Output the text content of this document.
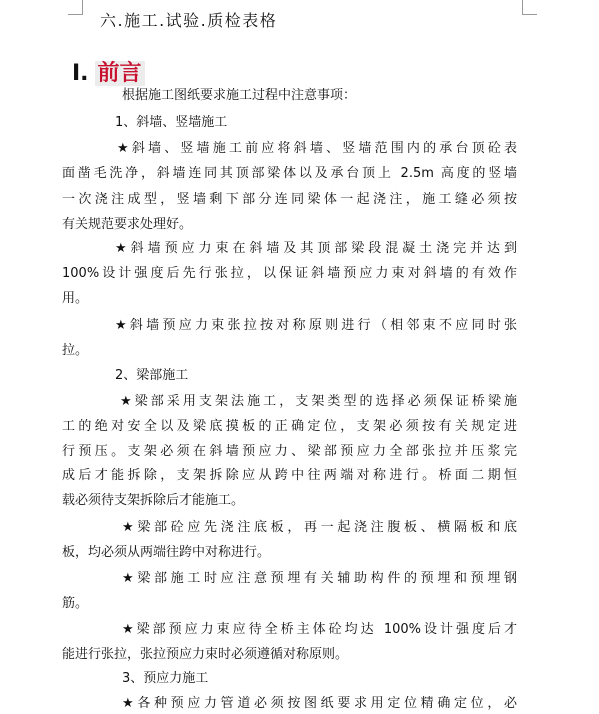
六.施工.试验.质检表格
Ⅰ. 前言
根据施工图纸要求施工过程中注意事项：
1、斜墙、竖墙施工
★斜墙、竖墙施工前应将斜墙、竖墙范围内的承台顶砼表
面凿毛洗净，斜墙连同其顶部梁体以及承台顶上 2.5m 高度的竖墙
一次浇注成型，竖墙剩下部分连同梁体一起浇注，施工缝必须按
有关规范要求处理好。
★斜墙预应力束在斜墙及其顶部梁段混凝土浇完并达到
100%设计强度后先行张拉，以保证斜墙预应力束对斜墙的有效作
用。
★斜墙预应力束张拉按对称原则进行（相邻束不应同时张
拉。
2、梁部施工
★梁部采用支架法施工，支架类型的选择必须保证桥梁施
工的绝对安全以及梁底摸板的正确定位，支架必须按有关规定进
行预压。支架必须在斜墙预应力、梁部预应力全部张拉并压浆完
成后才能拆除，支架拆除应从跨中往两端对称进行。桥面二期恒
载必须待支架拆除后才能施工。
★梁部砼应先浇注底板，再一起浇注腹板、横隔板和底
板，均必须从两端往跨中对称进行。
★梁部施工时应注意预埋有关辅助构件的预埋和预埋钢
筋。
★梁部预应力束应待全桥主体砼均达 100%设计强度后才
能进行张拉，张拉预应力束时必须遵循对称原则。
3、预应力施工
★各种预应力管道必须按图纸要求用定位精确定位，必
